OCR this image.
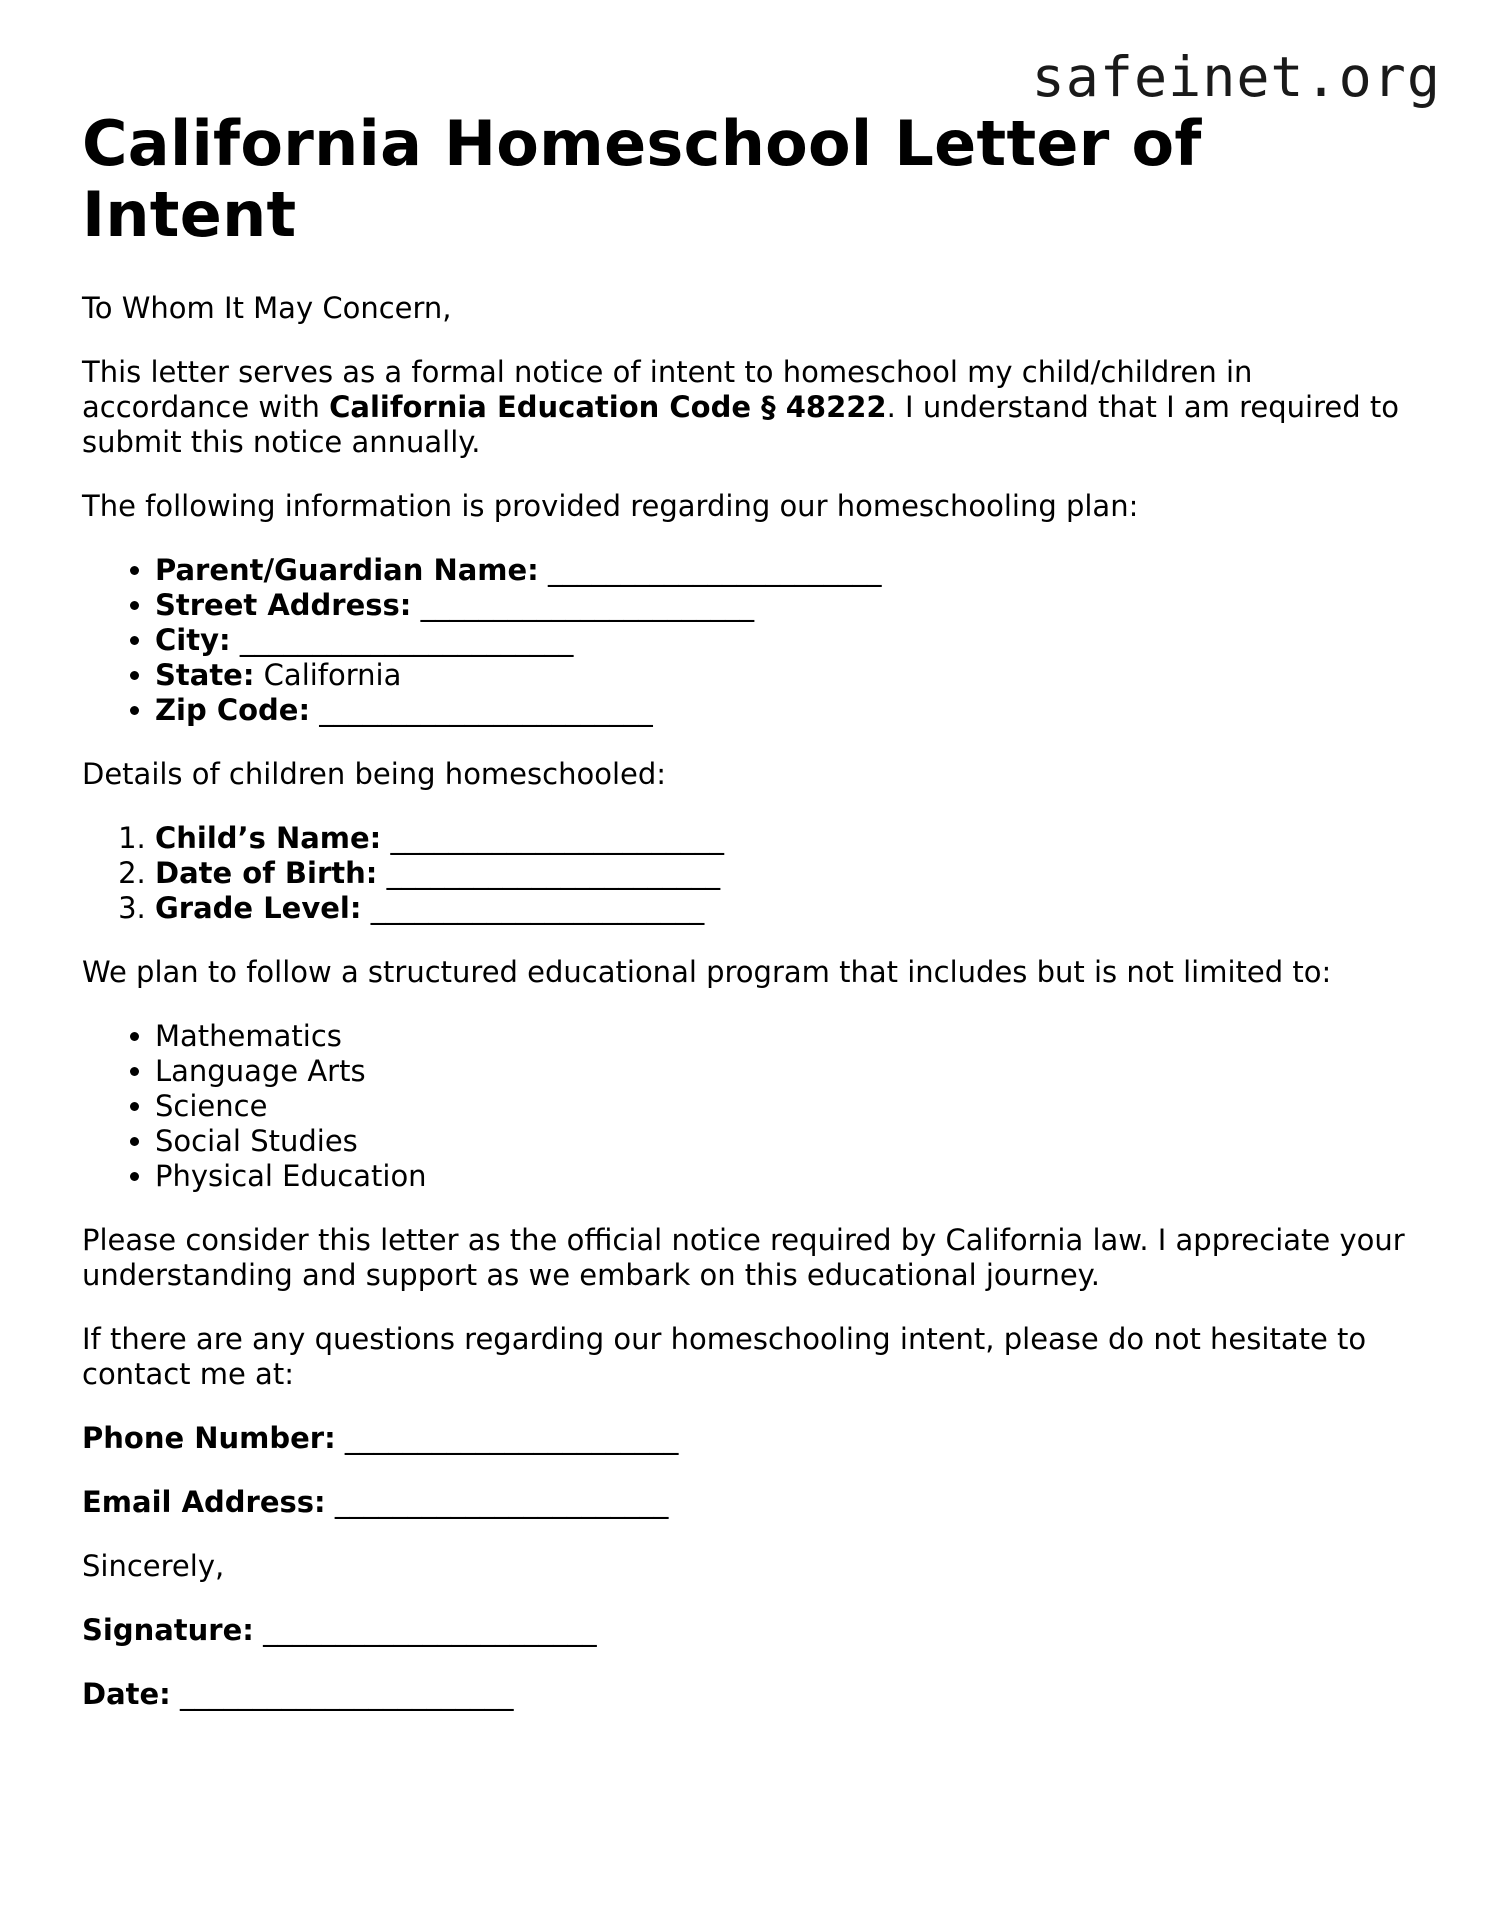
safeinet.org
California Homeschool Letter of Intent

To Whom It May Concern,

This letter serves as a formal notice of intent to homeschool my child/children in accordance with California Education Code § 48222. I understand that I am required to submit this notice annually.

The following information is provided regarding our homeschooling plan:

• Parent/Guardian Name: _______________________
• Street Address: _______________________
• City: _______________________
• State: California
• Zip Code: _______________________

Details of children being homeschooled:

1. Child’s Name: _______________________
2. Date of Birth: _______________________
3. Grade Level: _______________________

We plan to follow a structured educational program that includes but is not limited to:

• Mathematics
• Language Arts
• Science
• Social Studies
• Physical Education

Please consider this letter as the official notice required by California law. I appreciate your understanding and support as we embark on this educational journey.

If there are any questions regarding our homeschooling intent, please do not hesitate to contact me at:

Phone Number: _______________________

Email Address: _______________________

Sincerely,

Signature: _______________________

Date: _______________________
